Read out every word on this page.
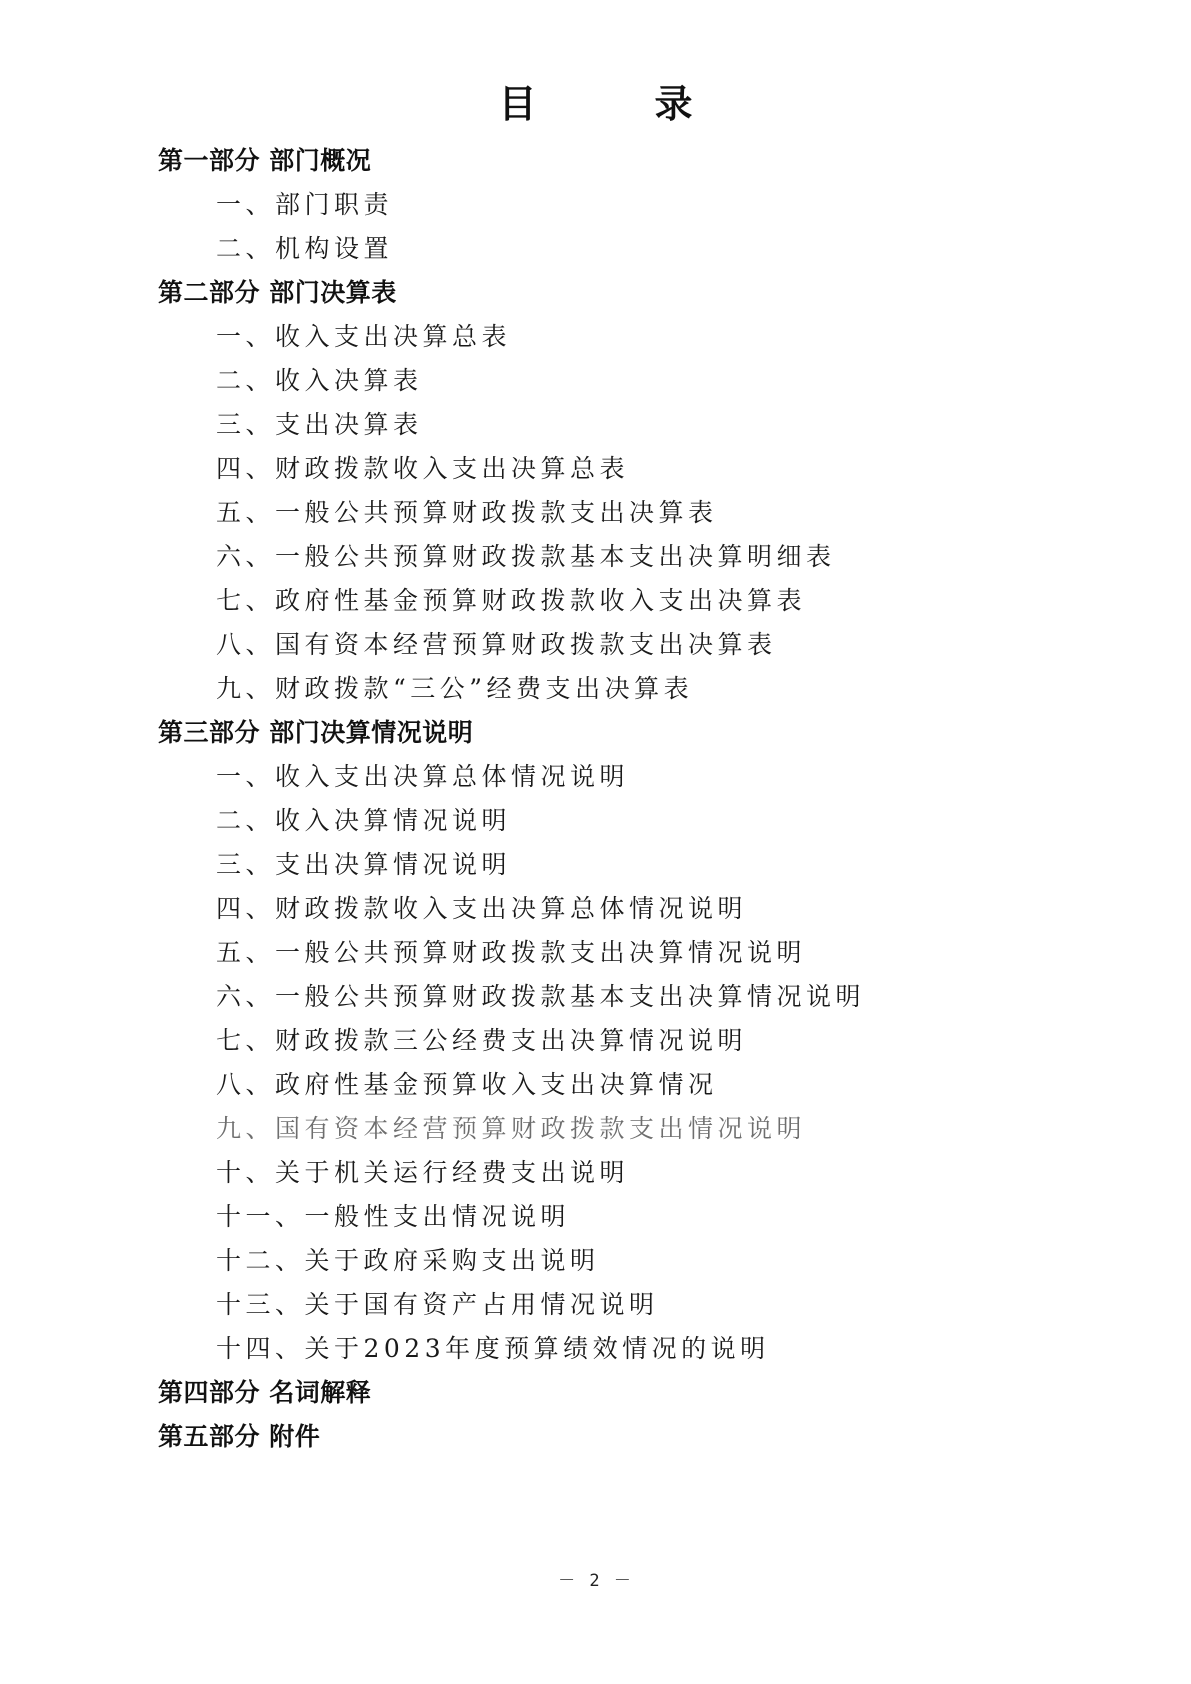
目　录
第一部分 部门概况
一、部门职责
二、机构设置
第二部分 部门决算表
一、收入支出决算总表
二、收入决算表
三、支出决算表
四、财政拨款收入支出决算总表
五、一般公共预算财政拨款支出决算表
六、一般公共预算财政拨款基本支出决算明细表
七、政府性基金预算财政拨款收入支出决算表
八、国有资本经营预算财政拨款支出决算表
九、财政拨款“三公”经费支出决算表
第三部分 部门决算情况说明
一、收入支出决算总体情况说明
二、收入决算情况说明
三、支出决算情况说明
四、财政拨款收入支出决算总体情况说明
五、一般公共预算财政拨款支出决算情况说明
六、一般公共预算财政拨款基本支出决算情况说明
七、财政拨款三公经费支出决算情况说明
八、政府性基金预算收入支出决算情况
九、国有资本经营预算财政拨款支出情况说明
十、关于机关运行经费支出说明
十一、一般性支出情况说明
十二、关于政府采购支出说明
十三、关于国有资产占用情况说明
十四、关于2023年度预算绩效情况的说明
第四部分 名词解释
第五部分 附件
－ 2 －
